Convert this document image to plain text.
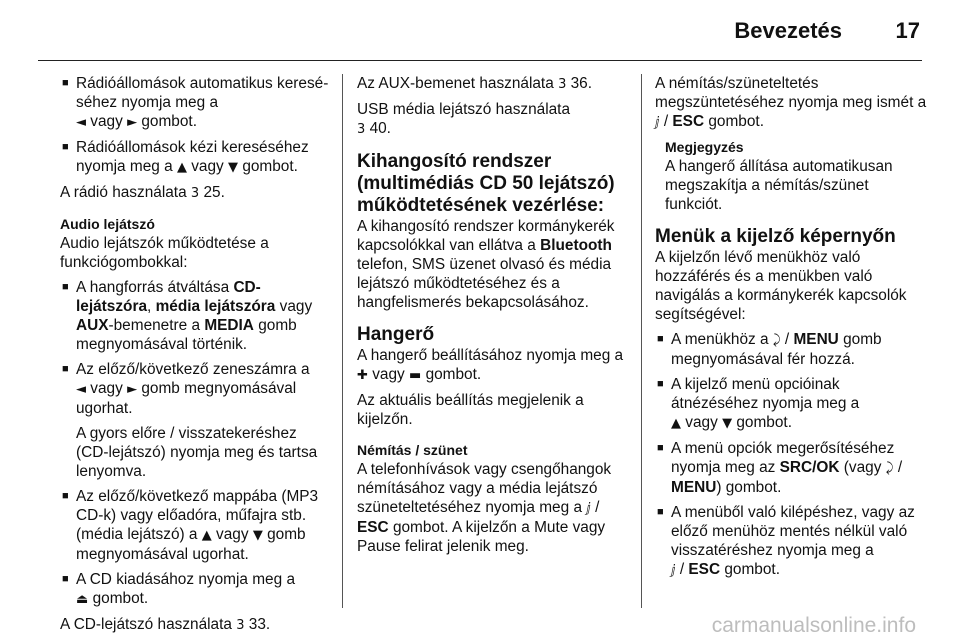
Bevezetés 17
■ Rádióállomások automatikus kereséséhez nyomja meg a
◄ vagy ► gombot.
■ Rádióállomások kézi kereséséhez nyomja meg a ▲ vagy ▼ gombot.

A rádió használata 3 25.

Audio lejátszó

Audio lejátszók működtetése a funkciógombokkal:

■ A hangforrás átváltása CD-lejátszóra, média lejátszóra vagy AUX-bemenetre a MEDIA gomb megnyomásával történik.
■ Az előző/következő zeneszámra a
◄ vagy ► gomb megnyomásával ugorhat.
A gyors előre / visszatekeréshez (CD-lejátszó) nyomja meg és tartsa lenyomva.
■ Az előző/következő mappába (MP3 CD-k) vagy előadóra, műfajra stb. (média lejátszó) a ▲ vagy ▼ gomb megnyomásával ugorhat.
■ A CD kiadásához nyomja meg a
⏏ gombot.

A CD-lejátszó használata 3 33.

Az AUX-bemenet használata 3 36.

USB média lejátszó használata
3 40.

Kihangosító rendszer (multimédiás CD 50 lejátszó) működtetésének vezérlése:

A kihangosító rendszer kormánykerék kapcsolókkal van ellátva a Bluetooth telefon, SMS üzenet olvasó és média lejátszó működtetéséhez és a hangfelismerés bekapcsolásához.

Hangerő

A hangerő beállításához nyomja meg a ✚ vagy ▬ gombot.

Az aktuális beállítás megjelenik a kijelzőn.

Némítás / szünet

A telefonhívások vagy csengőhangok némításához vagy a média lejátszó szüneteltetéséhez nyomja meg a ⅉ /
ESC gombot. A kijelzőn a Mute vagy Pause felirat jelenik meg.

A némítás/szüneteltetés megszüntetéséhez nyomja meg ismét a ⅉ / ESC gombot.

Megjegyzés
A hangerő állítása automatikusan megszakítja a némítás/szünet funkciót.
Menük a kijelző képernyőn

A kijelzőn lévő menükhöz való hozzáférés és a menükben való navigálás a kormánykerék kapcsolók segítségével:

■ A menükhöz a ⤸ / MENU gomb megnyomásával fér hozzá.
■ A kijelző menü opcióinak átnézéséhez nyomja meg a
▲ vagy ▼ gombot.
■ A menü opciók megerősítéséhez nyomja meg az SRC/OK (vagy ⤸ /
MENU) gombot.
■ A menüből való kilépéshez, vagy az előző menühöz mentés nélkül való visszatéréshez nyomja meg a
ⅉ / ESC gombot.
carmanualsonline.info
